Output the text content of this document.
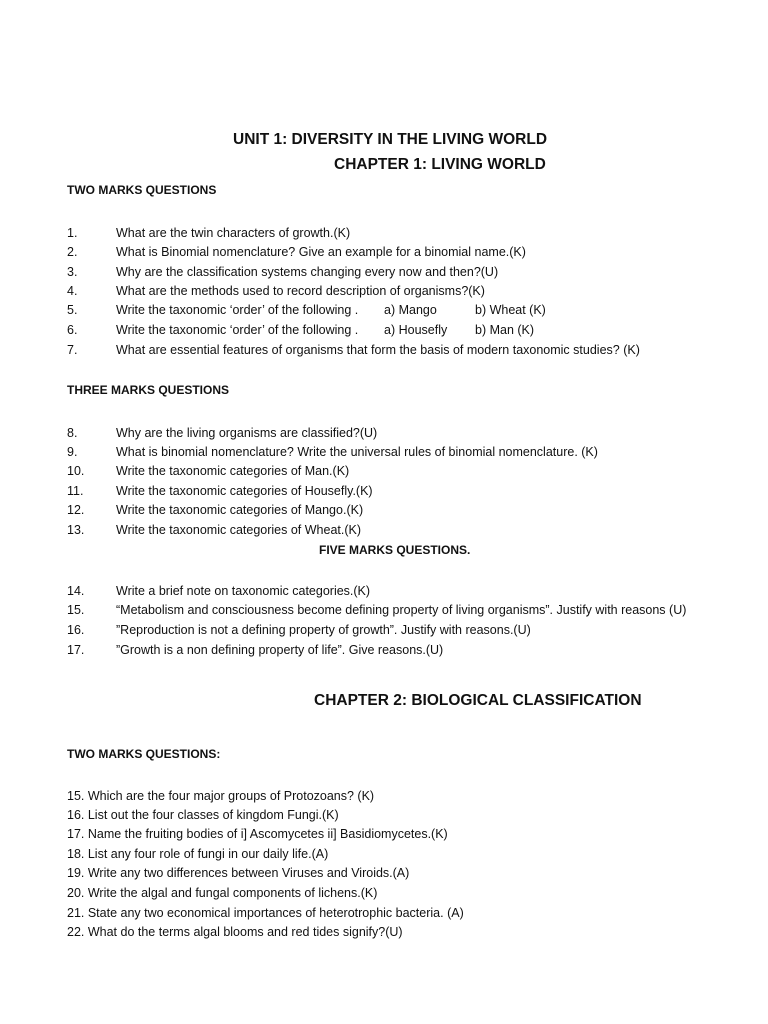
UNIT 1: DIVERSITY IN THE LIVING WORLD
CHAPTER 1: LIVING WORLD
TWO MARKS QUESTIONS
1.	What are the twin characters of growth.(K)
2.	What is Binomial nomenclature? Give an example for a binomial name.(K)
3.	Why are the classification systems changing every now and then?(U)
4.	What are the methods used to record description of organisms?(K)
5.	Write the taxonomic ‘order’ of the following . a) Mango	b) Wheat (K)
6.	Write the taxonomic ‘order’ of the following . a) Housefly b) Man (K)
7.	What are essential features of organisms that form the basis of modern taxonomic studies? (K)
THREE MARKS QUESTIONS
8.	Why are the living organisms are classified?(U)
9.	What is binomial nomenclature? Write the universal rules of binomial nomenclature. (K)
10.	Write the taxonomic categories of Man.(K)
11.	Write the taxonomic categories of Housefly.(K)
12.	Write the taxonomic categories of Mango.(K)
13.	Write the taxonomic categories of Wheat.(K)
FIVE MARKS QUESTIONS.
14.	Write a brief note on taxonomic categories.(K)
15.	“Metabolism and consciousness become defining property of living organisms”. Justify with reasons (U)
16.	”Reproduction is not a defining property of growth”. Justify with reasons.(U)
17.	”Growth is a non defining property of life”. Give reasons.(U)
CHAPTER 2: BIOLOGICAL CLASSIFICATION
TWO MARKS QUESTIONS:
15. Which are the four major groups of Protozoans? (K)
16. List out the four classes of kingdom Fungi.(K)
17. Name the fruiting bodies of i] Ascomycetes ii] Basidiomycetes.(K)
18. List any four role of fungi in our daily life.(A)
19. Write any two differences between Viruses and Viroids.(A)
20. Write the algal and fungal components of lichens.(K)
21. State any two economical importances of heterotrophic bacteria. (A)
22. What do the terms algal blooms and red tides signify?(U)
